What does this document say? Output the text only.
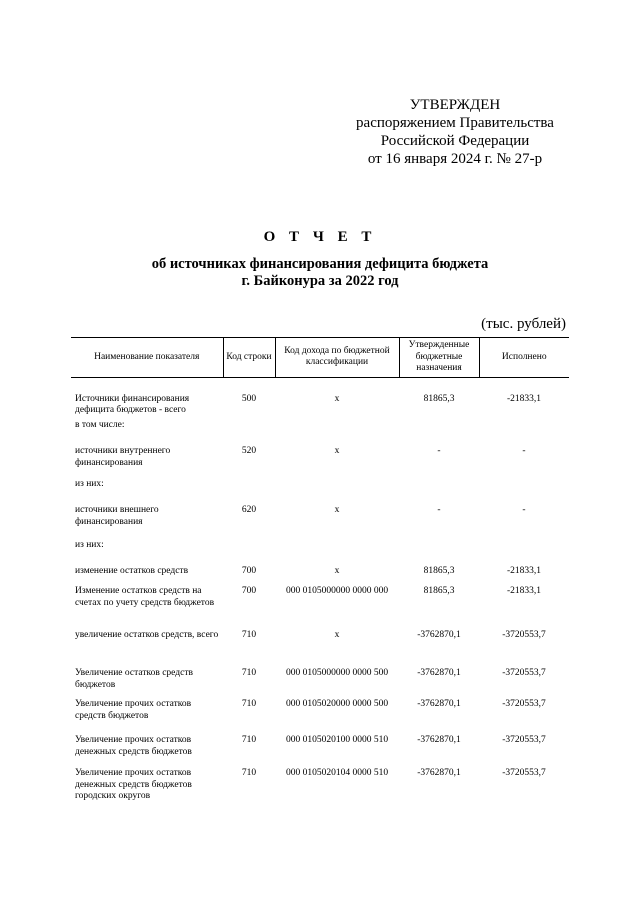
УТВЕРЖДЕН
распоряжением Правительства
Российской Федерации
от 16 января 2024 г. № 27-р
О Т Ч Е Т
об источниках финансирования дефицита бюджета
г. Байконура за 2022 год
(тыс. рублей)
Наименование показателя	Код строки	Код дохода по бюджетной классификации	Утвержденные бюджетные назначения	Исполнено
Источники финансирования дефицита бюджетов - всего	500	x	81865,3	-21833,1
в том числе:				
источники внутреннего финансирования	520	x	-	-
из них:				
источники внешнего финансирования	620	x	-	-
из них:				
изменение остатков средств	700	x	81865,3	-21833,1
Изменение остатков средств на счетах по учету средств бюджетов	700	000 0105000000 0000 000	81865,3	-21833,1
увеличение остатков средств, всего	710	x	-3762870,1	-3720553,7
Увеличение остатков средств бюджетов	710	000 0105000000 0000 500	-3762870,1	-3720553,7
Увеличение прочих остатков средств бюджетов	710	000 0105020000 0000 500	-3762870,1	-3720553,7
Увеличение прочих остатков денежных средств бюджетов	710	000 0105020100 0000 510	-3762870,1	-3720553,7
Увеличение прочих остатков денежных средств бюджетов городских округов	710	000 0105020104 0000 510	-3762870,1	-3720553,7
